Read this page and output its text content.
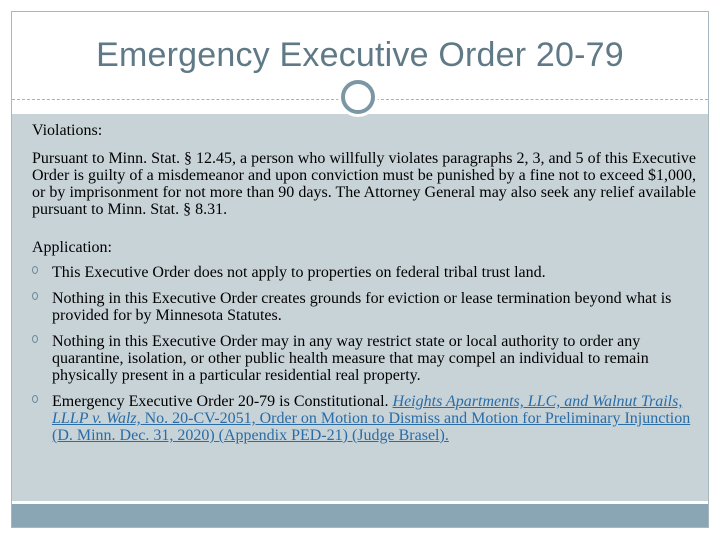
Emergency Executive Order 20-79

Violations:

Pursuant to Minn. Stat. § 12.45, a person who willfully violates paragraphs 2, 3, and 5 of this Executive Order is guilty of a misdemeanor and upon conviction must be punished by a fine not to exceed $1,000, or by imprisonment for not more than 90 days. The Attorney General may also seek any relief available pursuant to Minn. Stat. § 8.31.

Application:

This Executive Order does not apply to properties on federal tribal trust land.
Nothing in this Executive Order creates grounds for eviction or lease termination beyond what is provided for by Minnesota Statutes.
Nothing in this Executive Order may in any way restrict state or local authority to order any quarantine, isolation, or other public health measure that may compel an individual to remain physically present in a particular residential real property.
Emergency Executive Order 20-79 is Constitutional. Heights Apartments, LLC, and Walnut Trails, LLLP v. Walz, No. 20-CV-2051, Order on Motion to Dismiss and Motion for Preliminary Injunction (D. Minn. Dec. 31, 2020) (Appendix PED-21) (Judge Brasel).
